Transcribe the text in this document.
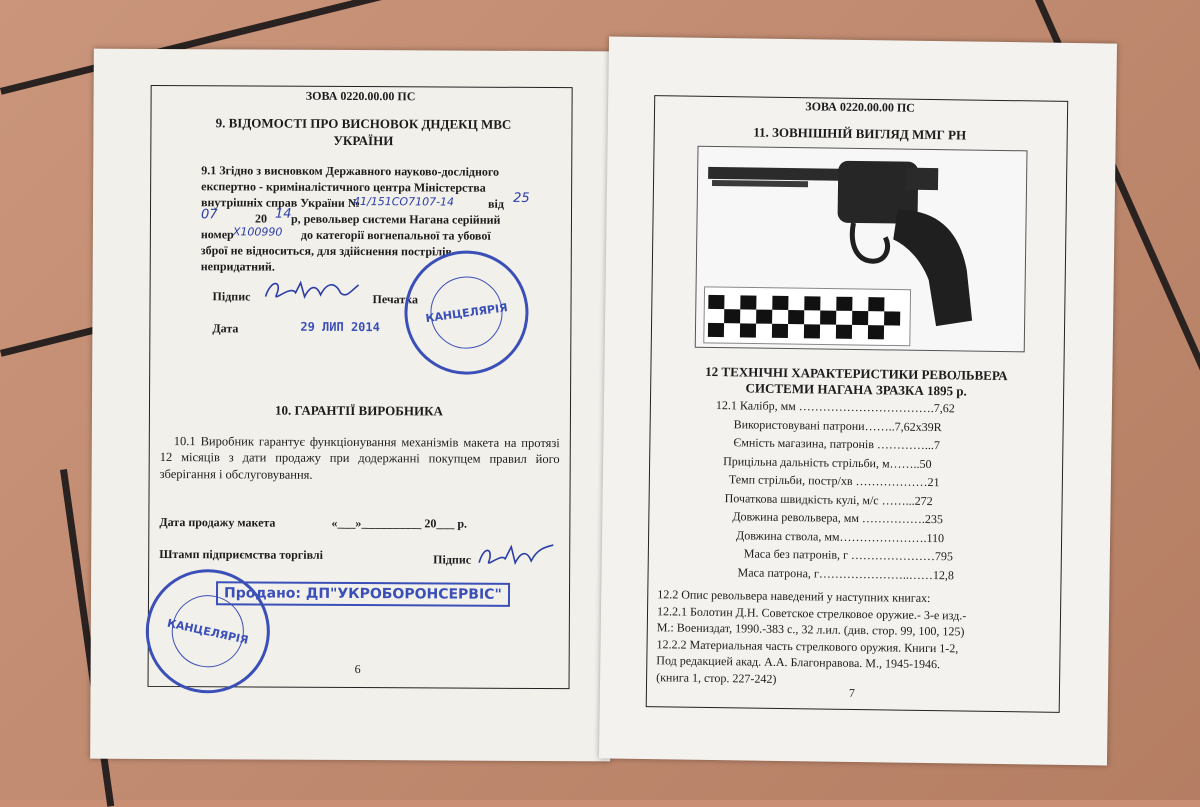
ЗОВА 0220.00.00 ПС
9. ВІДОМОСТІ ПРО ВИСНОВОК ДНДЕКЦ МВС УКРАЇНИ
9.1 Згідно з висновком Державного науково-дослідного
експертно - криміналістичного центра Міністерства
внутрішніх справ України №
41/151СО7107-14	від 25
07	20 14 р, револьвер системи Нагана серійний
номер Х100990 до категорії вогнепальної та убової
зброї не відноситься, для здійснення пострілів
непридатний.
Підпис	Печатка
Дата	29 ЛИП 2014
КАНЦЕЛЯРІЯ
10. ГАРАНТІЇ ВИРОБНИКА
10.1 Виробник гарантує функціонування механізмів макета на протязі 12 місяців з дати продажу при додержанні покупцем правил його зберігання і обслуговування.
Дата продажу макета	«___»__________ 20___ р.
Штамп підприємства торгівлі	Підпис
Продано: ДП"УКРОБОРОНСЕРВІС"
КАНЦЕЛЯРІЯ
6
ЗОВА 0220.00.00 ПС
11. ЗОВНІШНІЙ ВИГЛЯД ММГ РН
12 ТЕХНІЧНІ ХАРАКТЕРИСТИКИ РЕВОЛЬВЕРА
СИСТЕМИ НАГАНА ЗРАЗКА 1895 р.
12.1 Калібр, мм …………………………….7,62
Використовувані патрони……..7,62х39R
Ємність магазина, патронів …………...7
Прицільна дальність стрільби, м……..50
Темп стрільби, постр/хв ………………21
Початкова швидкість кулі, м/с ……...272
Довжина револьвера, мм …………….235
Довжина ствола, мм………………….110
Маса без патронів, г …………………795
Маса патрона, г…………………..……12,8
12.2 Опис револьвера наведений у наступних книгах:
12.2.1 Болотин Д.Н. Советское стрелковое оружие.- 3-е изд.-
М.: Воениздат, 1990.-383 с., 32 л.ил. (див. стор. 99, 100, 125)
12.2.2 Материальная часть стрелкового оружия. Книги 1-2,
Под редакцией акад. А.А. Благонравова. М., 1945-1946.
(книга 1, стор. 227-242)
7
